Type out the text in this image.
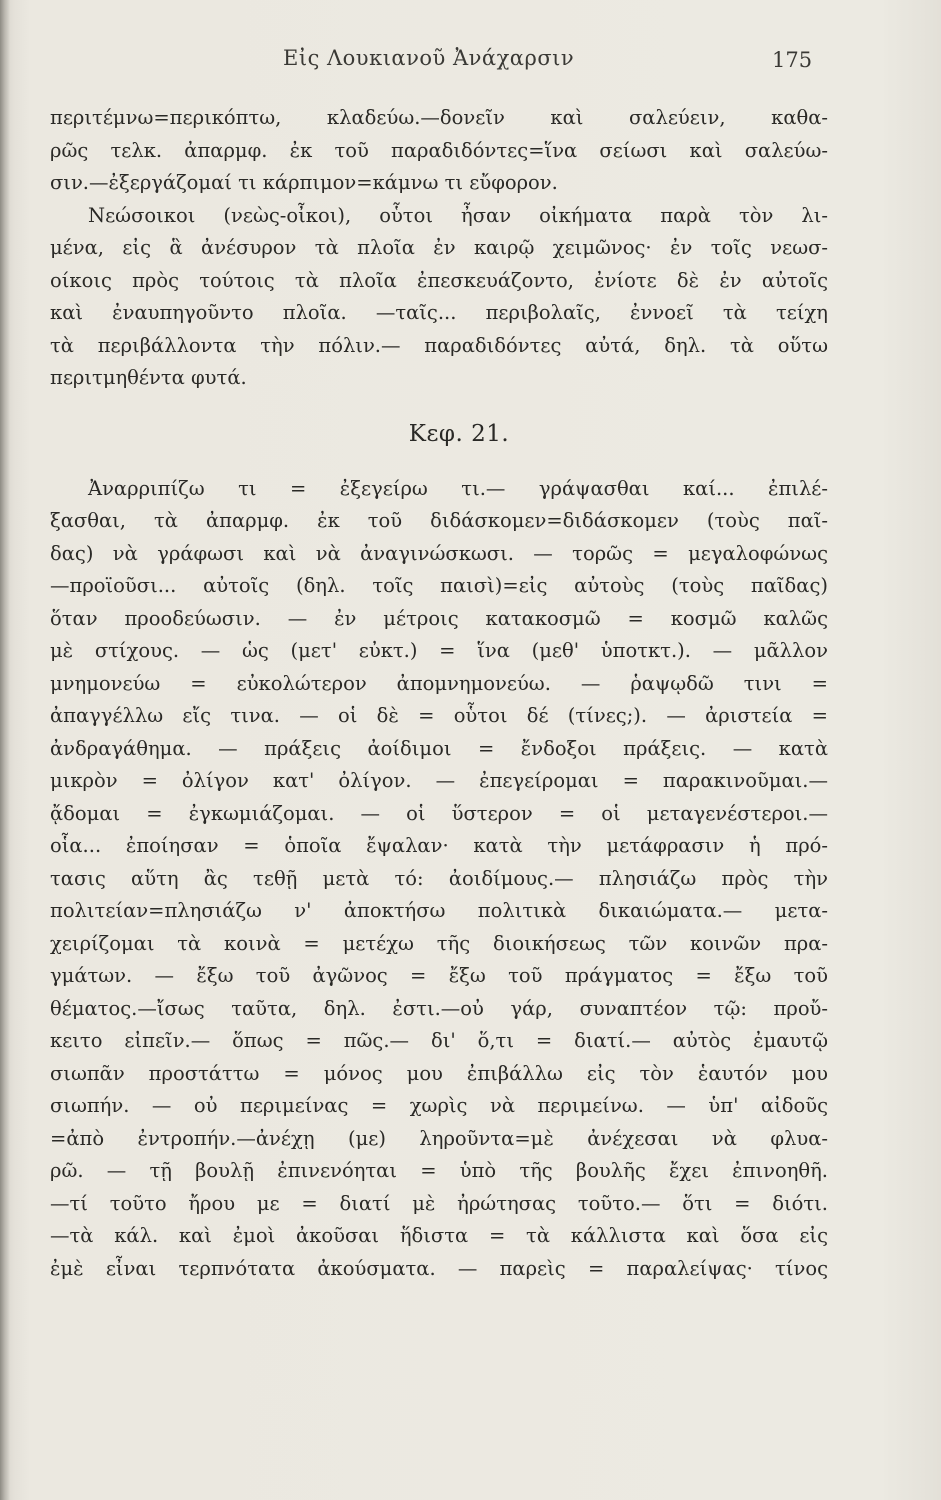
Εἰς Λουκιανοῦ Ἀνάχαρσιν	175
περιτέμνω=περικόπτω, κλαδεύω.—δονεῖν καὶ σαλεύειν, καθα-
ρῶς τελκ. ἀπαρμφ. ἐκ τοῦ παραδιδόντες=ἵνα σείωσι καὶ σαλεύω-
σιν.—ἐξεργάζομαί τι κάρπιμον=κάμνω τι εὔφορον.
Νεώσοικοι (νεὼς-οἶκοι), οὗτοι ἦσαν οἰκήματα παρὰ τὸν λι-
μένα, εἰς ἃ ἀνέσυρον τὰ πλοῖα ἐν καιρῷ χειμῶνος· ἐν τοῖς νεωσ-
οίκοις πρὸς τούτοις τὰ πλοῖα ἐπεσκευάζοντο, ἐνίοτε δὲ ἐν αὐτοῖς
καὶ ἐναυπηγοῦντο πλοῖα. —ταῖς... περιβολαῖς, ἐννοεῖ τὰ τείχη
τὰ περιβάλλοντα τὴν πόλιν.— παραδιδόντες αὐτά, δηλ. τὰ οὕτω
περιτμηθέντα φυτά.
Κεφ. 21.
Ἀναρριπίζω τι = ἐξεγείρω τι.— γράψασθαι καί... ἐπιλέ-
ξασθαι, τὰ ἀπαρμφ. ἐκ τοῦ διδάσκομεν=διδάσκομεν (τοὺς παῖ-
δας) νὰ γράφωσι καὶ νὰ ἀναγινώσκωσι. — τορῶς = μεγαλοφώνως
—προϊοῦσι... αὐτοῖς (δηλ. τοῖς παισὶ)=εἰς αὐτοὺς (τοὺς παῖδας)
ὅταν προοδεύωσιν. — ἐν μέτροις κατακοσμῶ = κοσμῶ καλῶς
μὲ στίχους. — ὡς (μετ' εὐκτ.) = ἵνα (μεθ' ὑποτκτ.). — μᾶλλον
μνημονεύω = εὐκολώτερον ἀπομνημονεύω. — ῥαψῳδῶ τινι =
ἀπαγγέλλω εἴς τινα. — οἱ δὲ = οὗτοι δέ (τίνες;). — ἀριστεία =
ἀνδραγάθημα. — πράξεις ἀοίδιμοι = ἔνδοξοι πράξεις. — κατὰ
μικρὸν = ὀλίγον κατ' ὀλίγον. — ἐπεγείρομαι = παρακινοῦμαι.—
ᾄδομαι = ἐγκωμιάζομαι. — οἱ ὕστερον = οἱ μεταγενέστεροι.—
οἷα... ἐποίησαν = ὁποῖα ἔψαλαν· κατὰ τὴν μετάφρασιν ἡ πρό-
τασις αὕτη ἂς τεθῇ μετὰ τό: ἀοιδίμους.— πλησιάζω πρὸς τὴν
πολιτείαν=πλησιάζω ν' ἀποκτήσω πολιτικὰ δικαιώματα.— μετα-
χειρίζομαι τὰ κοινὰ = μετέχω τῆς διοικήσεως τῶν κοινῶν πρα-
γμάτων. — ἔξω τοῦ ἀγῶνος = ἔξω τοῦ πράγματος = ἔξω τοῦ
θέματος.—ἴσως ταῦτα, δηλ. ἐστι.—οὐ γάρ, συναπτέον τῷ: προὔ-
κειτο εἰπεῖν.— ὅπως = πῶς.— δι' ὅ,τι = διατί.— αὐτὸς ἐμαυτῷ
σιωπᾶν προστάττω = μόνος μου ἐπιβάλλω εἰς τὸν ἑαυτόν μου
σιωπήν. — οὐ περιμείνας = χωρὶς νὰ περιμείνω. — ὑπ' αἰδοῦς
=ἀπὸ ἐντροπήν.—ἀνέχῃ (με) ληροῦντα=μὲ ἀνέχεσαι νὰ φλυα-
ρῶ. — τῇ βουλῇ ἐπινενόηται = ὑπὸ τῆς βουλῆς ἔχει ἐπινοηθῆ.
—τί τοῦτο ἤρου με = διατί μὲ ἠρώτησας τοῦτο.— ὅτι = διότι.
—τὰ κάλ. καὶ ἐμοὶ ἀκοῦσαι ἥδιστα = τὰ κάλλιστα καὶ ὅσα εἰς
ἐμὲ εἶναι τερπνότατα ἀκούσματα. — παρεὶς = παραλείψας· τίνος
